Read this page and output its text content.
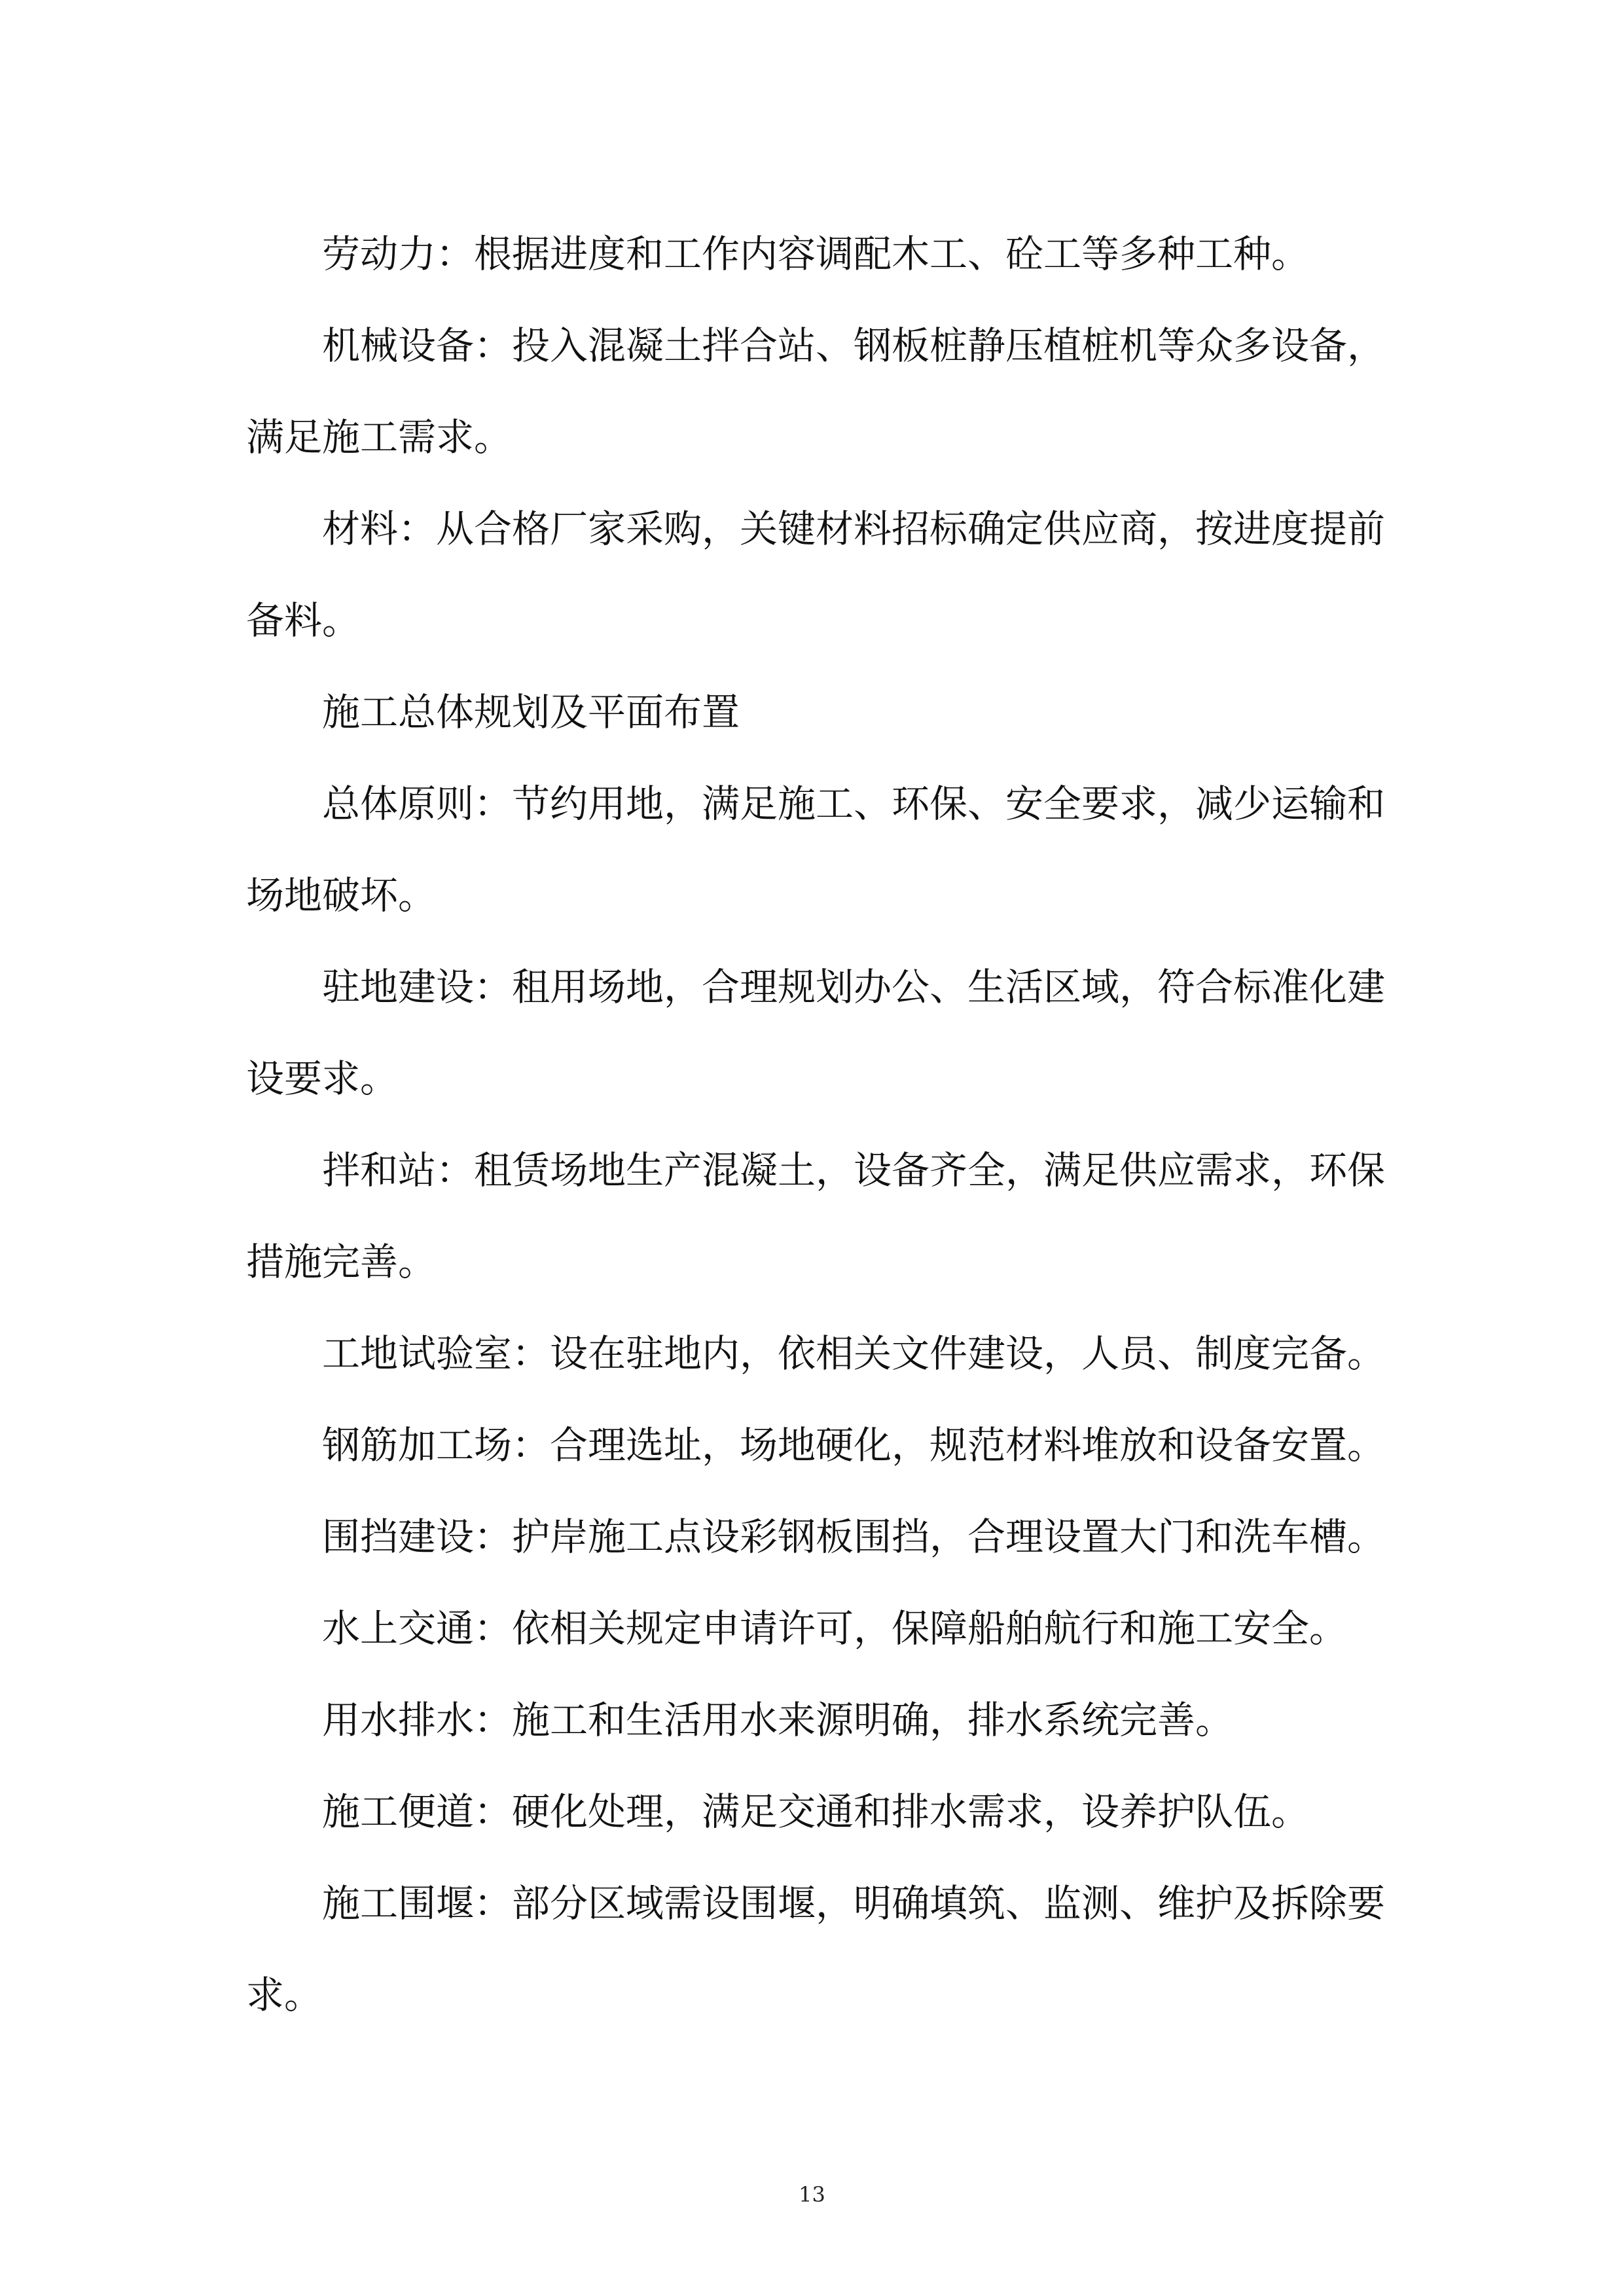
劳动力：根据进度和工作内容调配木工、砼工等多种工种。

机械设备：投入混凝土拌合站、钢板桩静压植桩机等众多设备，满足施工需求。

材料：从合格厂家采购，关键材料招标确定供应商，按进度提前备料。

施工总体规划及平面布置

总体原则：节约用地，满足施工、环保、安全要求，减少运输和场地破坏。

驻地建设：租用场地，合理规划办公、生活区域，符合标准化建设要求。

拌和站：租赁场地生产混凝土，设备齐全，满足供应需求，环保措施完善。

工地试验室：设在驻地内，依相关文件建设，人员、制度完备。

钢筋加工场：合理选址，场地硬化，规范材料堆放和设备安置。

围挡建设：护岸施工点设彩钢板围挡，合理设置大门和洗车槽。

水上交通：依相关规定申请许可，保障船舶航行和施工安全。

用水排水：施工和生活用水来源明确，排水系统完善。

施工便道：硬化处理，满足交通和排水需求，设养护队伍。

施工围堰：部分区域需设围堰，明确填筑、监测、维护及拆除要求。

13
